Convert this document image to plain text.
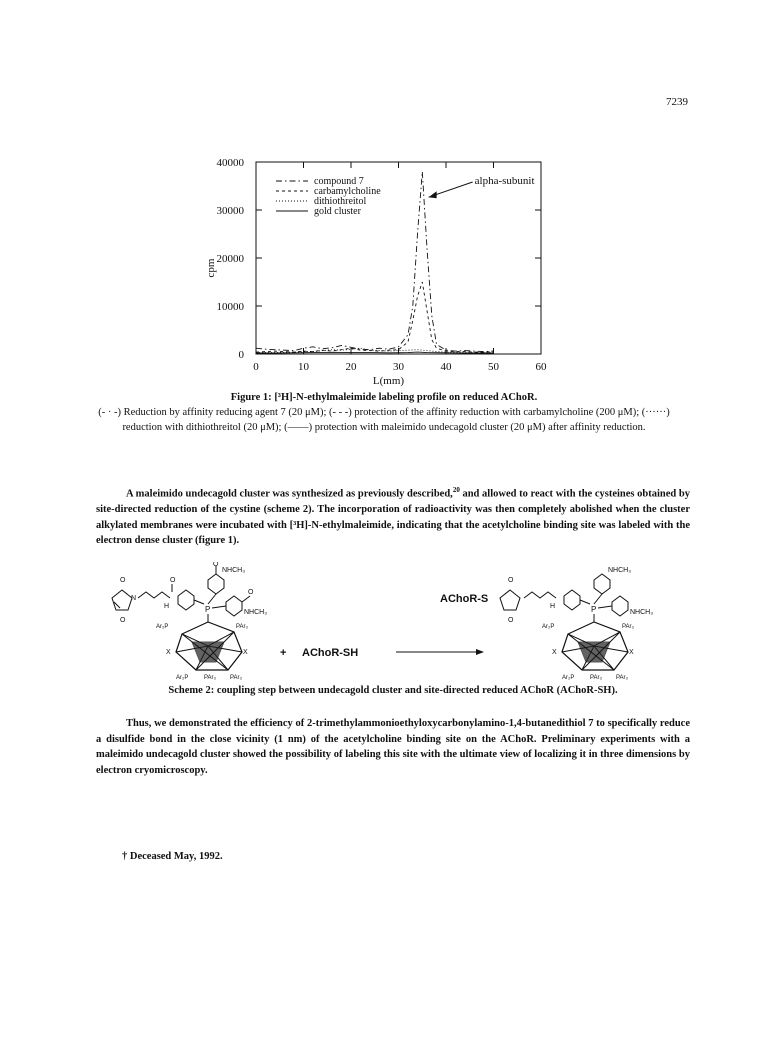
7239
0
10000
20000
30000
40000
0	10	20	30	40	50	60
L(mm)
cpm
alpha-subunit
compound 7
carbamylcholine
dithiothreitol
gold cluster
Figure 1: [³H]-N-ethylmaleimide labeling profile on reduced AChoR.
(- · -) Reduction by affinity reducing agent 7 (20 μM); (- - -) protection of the affinity reduction with carbamylcholine (200 μM); (······) reduction with dithiothreitol (20 μM); (——) protection with maleimido undecagold cluster (20 μM) after affinity reduction.

A maleimido undecagold cluster was synthesized as previously described,$^{20}$ and allowed to react with the cysteines obtained by site-directed reduction of the cystine (scheme 2). The incorporation of radioactivity was then completely abolished when the cluster alkylated membranes were incubated with [³H]-N-ethylmaleimide, indicating that the acetylcholine binding site was labeled with the electron dense cluster (figure 1).

O
O
N
H
O
O
NHCH₃
NHCH₃
O
P
Ar₂P	PAr₃
X	X
Ar₂P	PAr₃ PAr₃
+ AChoR-SH
AChoR-S
O
O
H
NHCH₃
NHCH₃
P
Ar₂P	PAr₃
X	X
Ar₂P	PAr₃ PAr₃
Scheme 2: coupling step between undecagold cluster and site-directed reduced AChoR (AChoR-SH).

Thus, we demonstrated the efficiency of 2-trimethylammonioethyloxycarbonylamino-1,4-butanedithiol 7 to specifically reduce a disulfide bond in the close vicinity (1 nm) of the acetylcholine binding site on the AChoR. Preliminary experiments with a maleimido undecagold cluster showed the possibility of labeling this site with the ultimate view of localizing it in three dimensions by electron cryomicroscopy.

† Deceased May, 1992.
